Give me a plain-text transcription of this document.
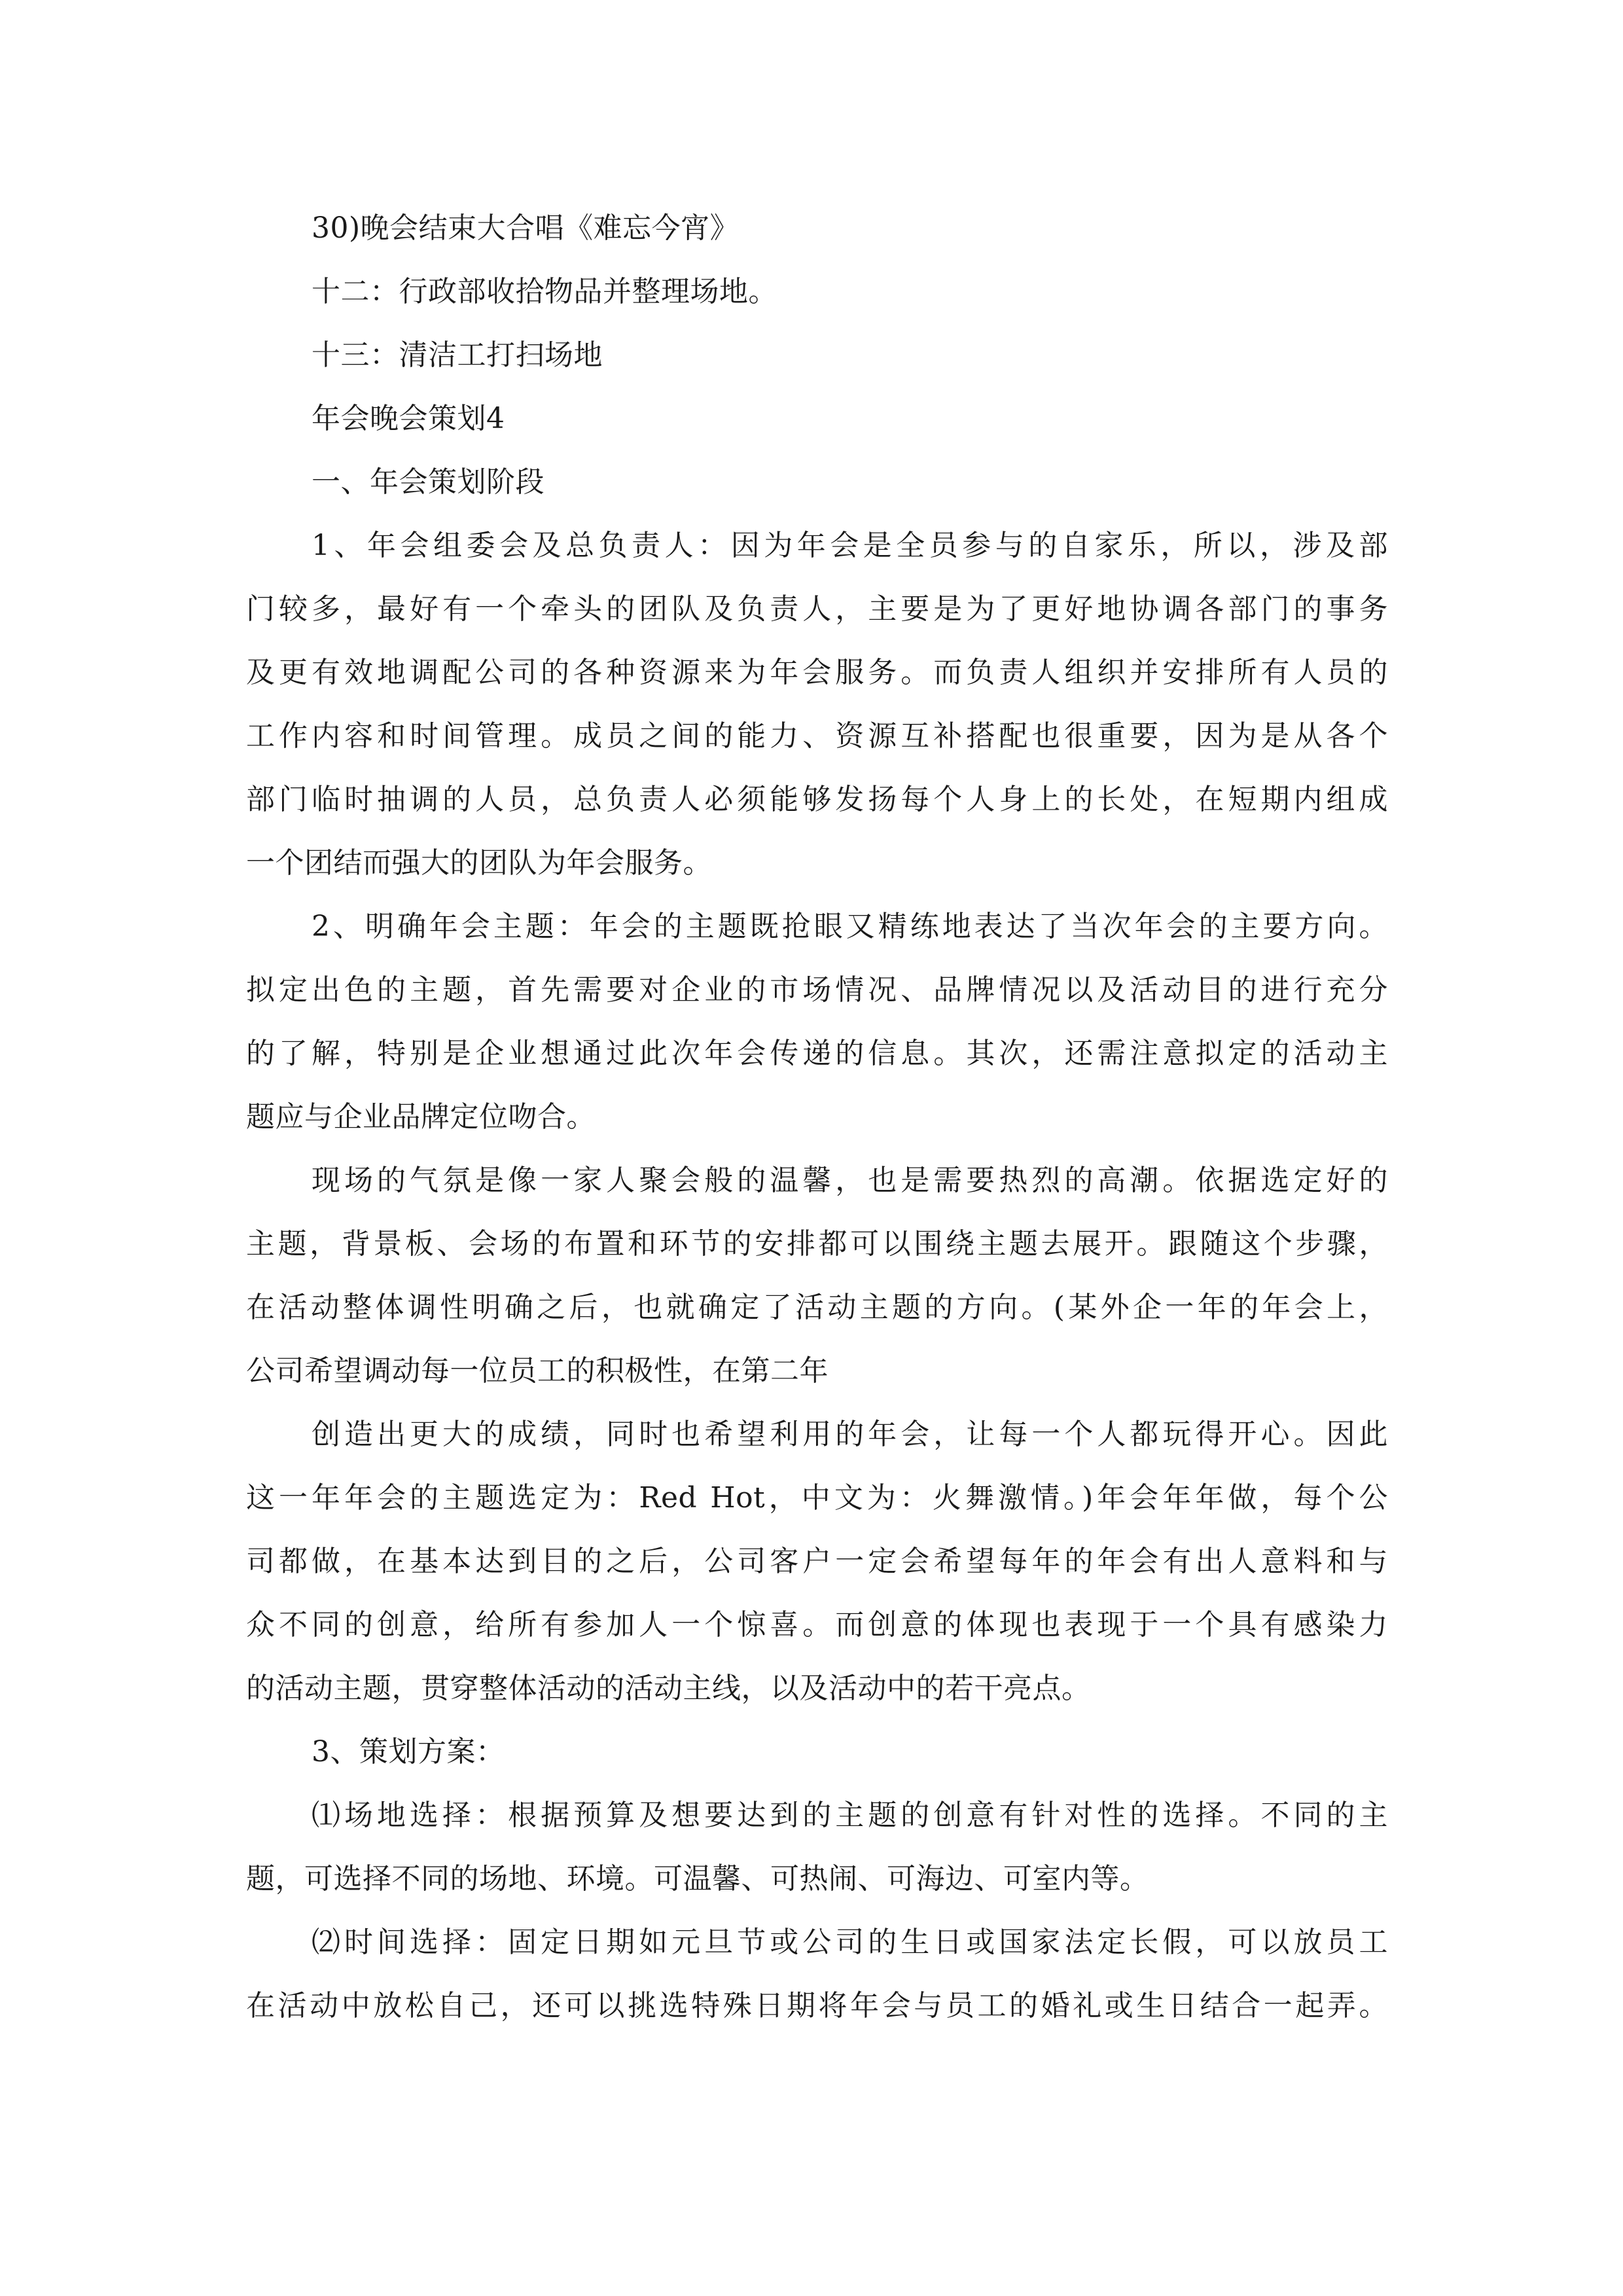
30)晚会结束大合唱《难忘今宵》
十二：行政部收拾物品并整理场地。
十三：清洁工打扫场地
年会晚会策划4
一、年会策划阶段
1、年会组委会及总负责人：因为年会是全员参与的自家乐，所以，涉及部
门较多，最好有一个牵头的团队及负责人，主要是为了更好地协调各部门的事务
及更有效地调配公司的各种资源来为年会服务。而负责人组织并安排所有人员的
工作内容和时间管理。成员之间的能力、资源互补搭配也很重要，因为是从各个
部门临时抽调的人员，总负责人必须能够发扬每个人身上的长处，在短期内组成
一个团结而强大的团队为年会服务。
2、明确年会主题：年会的主题既抢眼又精练地表达了当次年会的主要方向。
拟定出色的主题，首先需要对企业的市场情况、品牌情况以及活动目的进行充分
的了解，特别是企业想通过此次年会传递的信息。其次，还需注意拟定的活动主
题应与企业品牌定位吻合。
现场的气氛是像一家人聚会般的温馨，也是需要热烈的高潮。依据选定好的
主题，背景板、会场的布置和环节的安排都可以围绕主题去展开。跟随这个步骤，
在活动整体调性明确之后，也就确定了活动主题的方向。(某外企一年的年会上，
公司希望调动每一位员工的积极性，在第二年
创造出更大的成绩，同时也希望利用的年会，让每一个人都玩得开心。因此
这一年年会的主题选定为：Red Hot，中文为：火舞激情。)年会年年做，每个公
司都做，在基本达到目的之后，公司客户一定会希望每年的年会有出人意料和与
众不同的创意，给所有参加人一个惊喜。而创意的体现也表现于一个具有感染力
的活动主题，贯穿整体活动的活动主线，以及活动中的若干亮点。
3、策划方案：
⑴场地选择：根据预算及想要达到的主题的创意有针对性的选择。不同的主
题，可选择不同的场地、环境。可温馨、可热闹、可海边、可室内等。
⑵时间选择：固定日期如元旦节或公司的生日或国家法定长假，可以放员工
在活动中放松自己，还可以挑选特殊日期将年会与员工的婚礼或生日结合一起弄。
